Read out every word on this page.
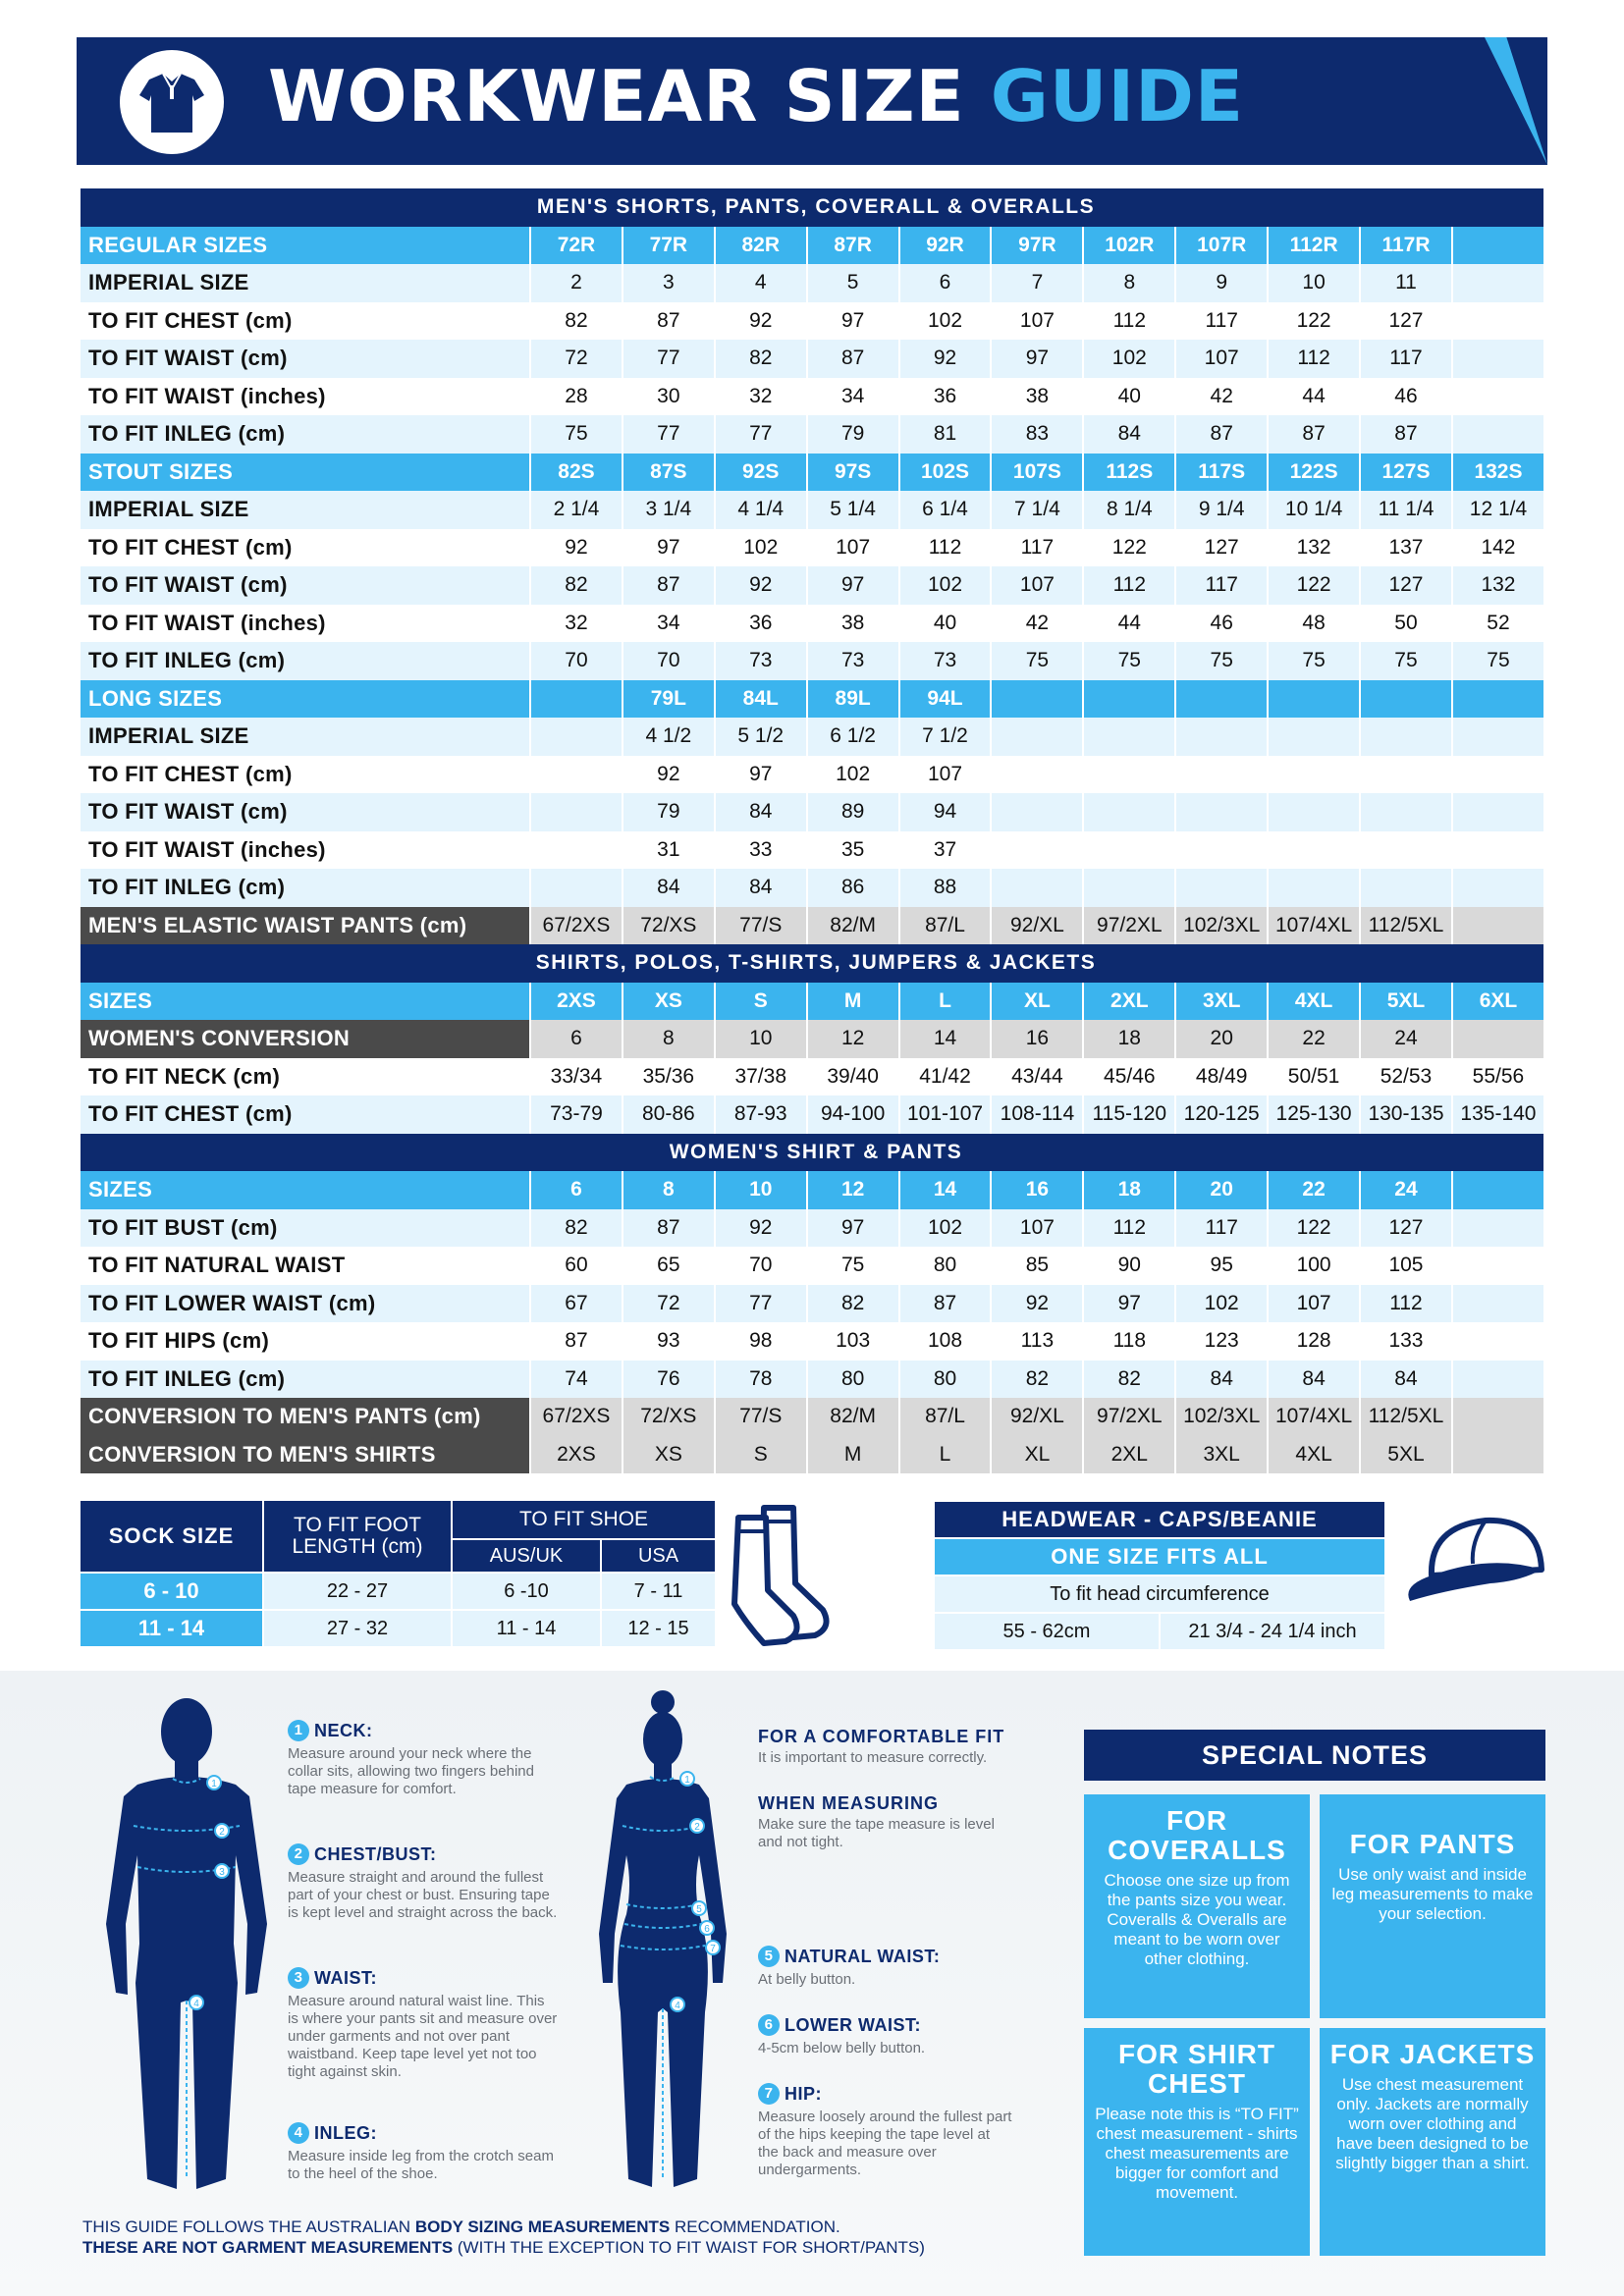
WORKWEAR SIZE GUIDE
MEN'S SHORTS, PANTS, COVERALL & OVERALLS											
REGULAR SIZES	72R	77R	82R	87R	92R	97R	102R	107R	112R	117R	
IMPERIAL SIZE	2	3	4	5	6	7	8	9	10	11	
TO FIT CHEST (cm)	82	87	92	97	102	107	112	117	122	127	
TO FIT WAIST (cm)	72	77	82	87	92	97	102	107	112	117	
TO FIT WAIST (inches)	28	30	32	34	36	38	40	42	44	46	
TO FIT INLEG (cm)	75	77	77	79	81	83	84	87	87	87	
STOUT SIZES	82S	87S	92S	97S	102S	107S	112S	117S	122S	127S	132S
IMPERIAL SIZE	2 1/4	3 1/4	4 1/4	5 1/4	6 1/4	7 1/4	8 1/4	9 1/4	10 1/4	11 1/4	12 1/4
TO FIT CHEST (cm)	92	97	102	107	112	117	122	127	132	137	142
TO FIT WAIST (cm)	82	87	92	97	102	107	112	117	122	127	132
TO FIT WAIST (inches)	32	34	36	38	40	42	44	46	48	50	52
TO FIT INLEG (cm)	70	70	73	73	73	75	75	75	75	75	75
LONG SIZES		79L	84L	89L	94L						
IMPERIAL SIZE		4 1/2	5 1/2	6 1/2	7 1/2						
TO FIT CHEST (cm)		92	97	102	107						
TO FIT WAIST (cm)		79	84	89	94						
TO FIT WAIST (inches)		31	33	35	37						
TO FIT INLEG (cm)		84	84	86	88						
MEN'S ELASTIC WAIST PANTS (cm)	67/2XS	72/XS	77/S	82/M	87/L	92/XL	97/2XL	102/3XL	107/4XL	112/5XL	
SHIRTS, POLOS, T-SHIRTS, JUMPERS & JACKETS											
SIZES	2XS	XS	S	M	L	XL	2XL	3XL	4XL	5XL	6XL
WOMEN'S CONVERSION	6	8	10	12	14	16	18	20	22	24	
TO FIT NECK (cm)	33/34	35/36	37/38	39/40	41/42	43/44	45/46	48/49	50/51	52/53	55/56
TO FIT CHEST (cm)	73-79	80-86	87-93	94-100	101-107	108-114	115-120	120-125	125-130	130-135	135-140
WOMEN'S SHIRT & PANTS											
SIZES	6	8	10	12	14	16	18	20	22	24	
TO FIT BUST (cm)	82	87	92	97	102	107	112	117	122	127	
TO FIT NATURAL WAIST	60	65	70	75	80	85	90	95	100	105	
TO FIT LOWER WAIST (cm)	67	72	77	82	87	92	97	102	107	112	
TO FIT HIPS (cm)	87	93	98	103	108	113	118	123	128	133	
TO FIT INLEG (cm)	74	76	78	80	80	82	82	84	84	84	
CONVERSION TO MEN'S PANTS (cm)	67/2XS	72/XS	77/S	82/M	87/L	92/XL	97/2XL	102/3XL	107/4XL	112/5XL	
CONVERSION TO MEN'S SHIRTS	2XS	XS	S	M	L	XL	2XL	3XL	4XL	5XL	
SOCK SIZE	TO FIT FOOT LENGTH (cm)	TO FIT SHOE	
		AUS/UK	USA
6 - 10	22 - 27	6 -10	7 - 11
11 - 14	27 - 32	11 - 14	12 - 15
HEADWEAR - CAPS/BEANIE
ONE SIZE FITS ALL
To fit head circumference
55 - 62cm	21 3/4 - 24 1/4 inch
1
2
3
4
1
2
5
6
7
4
1 NECK:

Measure around your neck where the collar sits, allowing two fingers behind tape measure for comfort.

2 CHEST/BUST:

Measure straight and around the fullest part of your chest or bust. Ensuring tape is kept level and straight across the back.

3 WAIST:

Measure around natural waist line. This is where your pants sit and measure over under garments and not over pant waistband. Keep tape level yet not too tight against skin.

4 INLEG:

Measure inside leg from the crotch seam to the heel of the shoe.

FOR A COMFORTABLE FIT

It is important to measure correctly.

WHEN MEASURING

Make sure the tape measure is level and not tight.

5 NATURAL WAIST:

At belly button.

6 LOWER WAIST:

4-5cm below belly button.

7 HIP:

Measure loosely around the fullest part of the hips keeping the tape level at the back and measure over undergarments.

SPECIAL NOTES
FOR COVERALLS

Choose one size up from the pants size you wear. Coveralls & Overalls are meant to be worn over other clothing.

FOR PANTS

Use only waist and inside leg measurements to make your selection.

FOR SHIRT CHEST

Please note this is “TO FIT” chest measurement - shirts chest measurements are bigger for comfort and movement.

FOR JACKETS

Use chest measurement only. Jackets are normally worn over clothing and have been designed to be slightly bigger than a shirt.

THIS GUIDE FOLLOWS THE AUSTRALIAN BODY SIZING MEASUREMENTS RECOMMENDATION.
THESE ARE NOT GARMENT MEASUREMENTS (WITH THE EXCEPTION TO FIT WAIST FOR SHORT/PANTS)
